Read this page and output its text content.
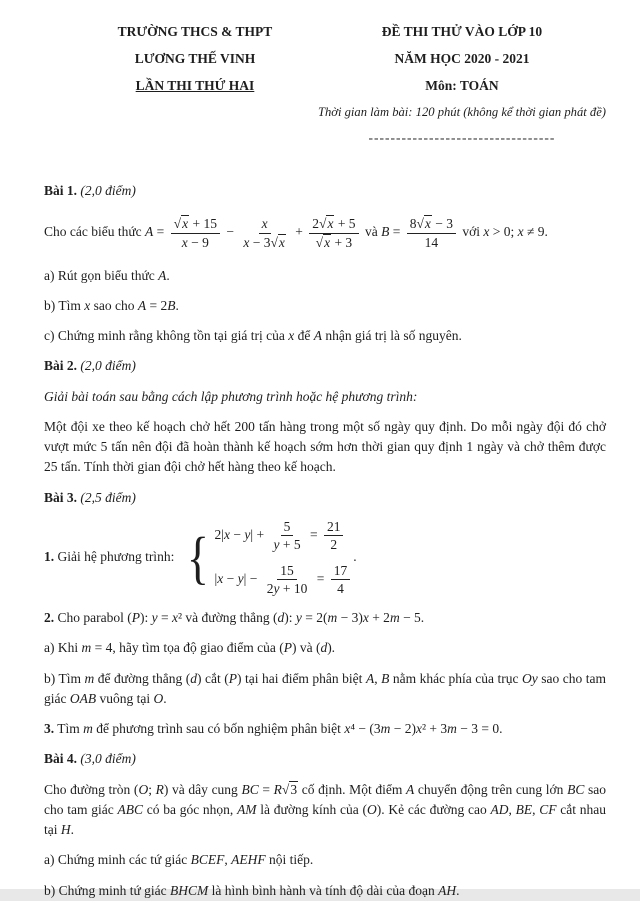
TRƯỜNG THCS & THPT
LƯƠNG THẾ VINH
LẦN THI THỨ HAI
ĐỀ THI THỬ VÀO LỚP 10
NĂM HỌC 2020 - 2021
Môn: TOÁN
Thời gian làm bài: 120 phút (không kể thời gian phát đề)
----------------------------------
Bài 1. (2,0 điểm)
Cho các biểu thức $A = \frac{√x + 15}{x - 9} - \frac{x}{x - 3√x} + \frac{2√x + 5}{√x + 3}$ và $B = \frac{8√x - 3}{14}$ với x > 0; x ≠ 9.
a) Rút gọn biểu thức A.
b) Tìm x sao cho A = 2B.
c) Chứng minh rằng không tồn tại giá trị của x để A nhận giá trị là số nguyên.
Bài 2. (2,0 điểm)
Giải bài toán sau bằng cách lập phương trình hoặc hệ phương trình:
Một đội xe theo kế hoạch chở hết 200 tấn hàng trong một số ngày quy định. Do mỗi ngày đội đó chở vượt mức 5 tấn nên đội đã hoàn thành kế hoạch sớm hơn thời gian quy định 1 ngày và chở thêm được 25 tấn. Tính thời gian đội chở hết hàng theo kế hoạch.
Bài 3. (2,5 điểm)
1. Giải hệ phương trình: { $2|x - y| + \frac{5}{y + 5} = \frac{21}{2}$
$|x - y| - \frac{15}{2y + 10} = \frac{17}{4}$
.
2. Cho parabol (P): y = x² và đường thẳng (d): y = 2(m − 3)x + 2m − 5.
a) Khi m = 4, hãy tìm tọa độ giao điểm của (P) và (d).
b) Tìm m để đường thẳng (d) cắt (P) tại hai điểm phân biệt A, B nằm khác phía của trục Oy sao cho tam giác OAB vuông tại O.
3. Tìm m để phương trình sau có bốn nghiệm phân biệt x⁴ − (3m − 2)x² + 3m − 3 = 0.
Bài 4. (3,0 điểm)
Cho đường tròn (O; R) và dây cung BC = R√3 cố định. Một điểm A chuyển động trên cung lớn BC sao cho tam giác ABC có ba góc nhọn, AM là đường kính của (O). Kẻ các đường cao AD, BE, CF cắt nhau tại H.
a) Chứng minh các tứ giác BCEF, AEHF nội tiếp.
b) Chứng minh tứ giác BHCM là hình bình hành và tính độ dài của đoạn AH.
